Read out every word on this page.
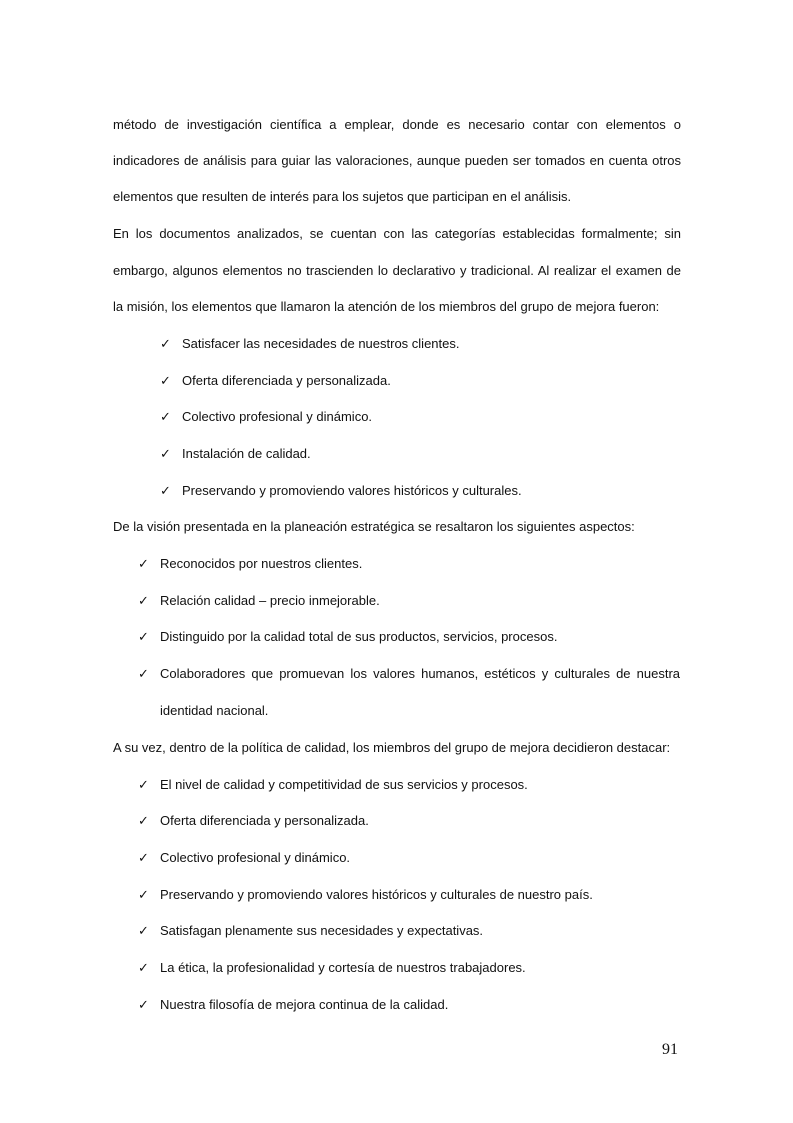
método de investigación científica a emplear, donde es necesario contar con elementos o
indicadores de análisis para guiar las valoraciones, aunque pueden ser tomados en cuenta otros
elementos que resulten de interés para los sujetos que participan en el análisis.
En los documentos analizados, se cuentan con las categorías establecidas formalmente; sin
embargo, algunos elementos no trascienden lo declarativo y tradicional. Al realizar el examen de
la misión, los elementos que llamaron la atención de los miembros del grupo de mejora fueron:
✓ Satisfacer las necesidades de nuestros clientes.
✓ Oferta diferenciada y personalizada.
✓ Colectivo profesional y dinámico.
✓ Instalación de calidad.
✓ Preservando y promoviendo valores históricos y culturales.
De la visión presentada en la planeación estratégica se resaltaron los siguientes aspectos:
✓ Reconocidos por nuestros clientes.
✓ Relación calidad – precio inmejorable.
✓ Distinguido por la calidad total de sus productos, servicios, procesos.
✓ Colaboradores que promuevan los valores humanos, estéticos y culturales de nuestra
identidad nacional.
A su vez, dentro de la política de calidad, los miembros del grupo de mejora decidieron destacar:
✓ El nivel de calidad y competitividad de sus servicios y procesos.
✓ Oferta diferenciada y personalizada.
✓ Colectivo profesional y dinámico.
✓ Preservando y promoviendo valores históricos y culturales de nuestro país.
✓ Satisfagan plenamente sus necesidades y expectativas.
✓ La ética, la profesionalidad y cortesía de nuestros trabajadores.
✓ Nuestra filosofía de mejora continua de la calidad.
91
